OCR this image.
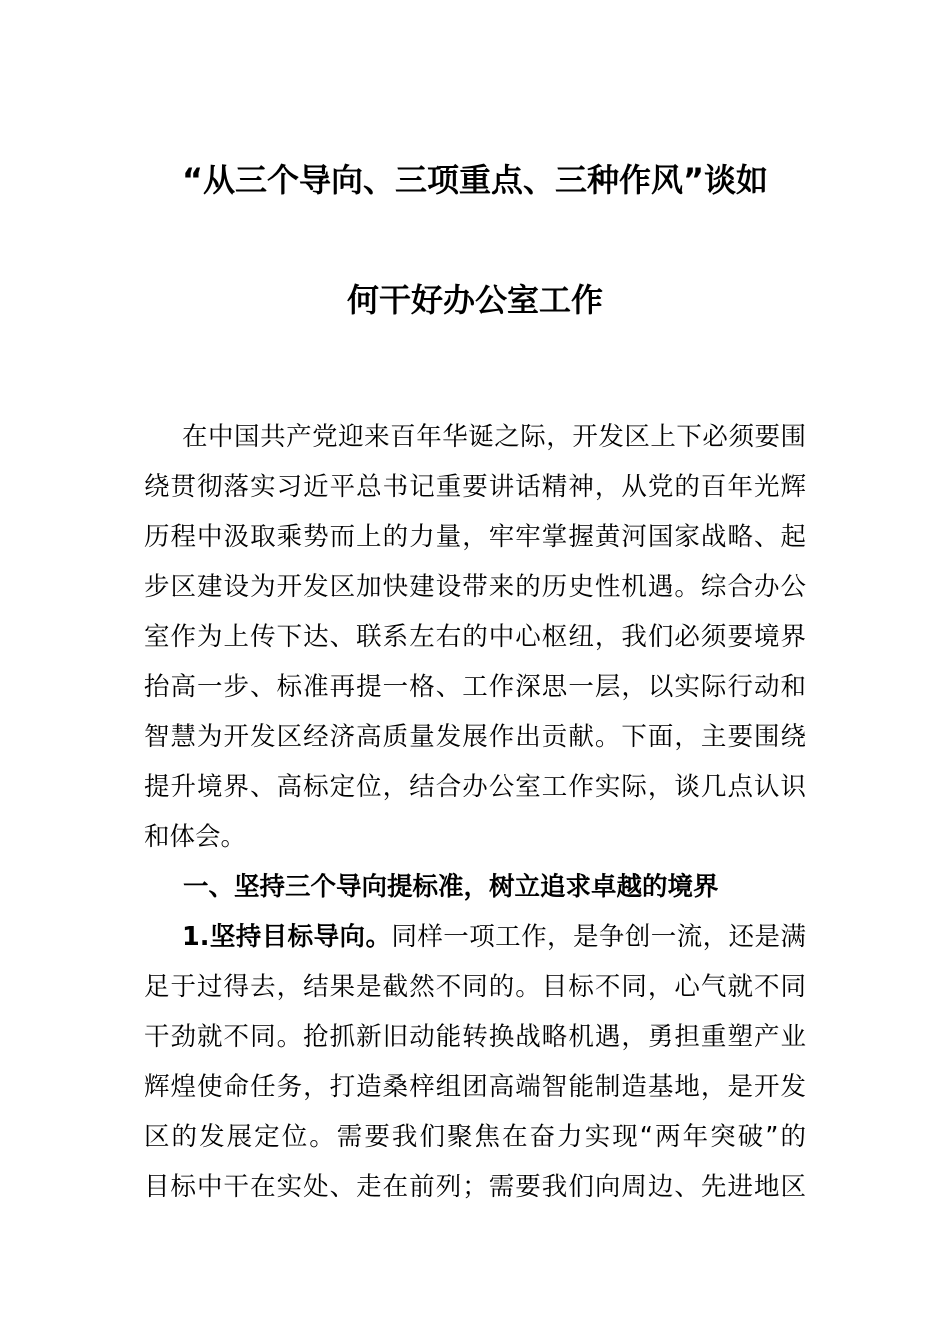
“从三个导向、三项重点、三种作风”谈如
何干好办公室工作
在中国共产党迎来百年华诞之际，开发区上下必须要围
绕贯彻落实习近平总书记重要讲话精神，从党的百年光辉
历程中汲取乘势而上的力量，牢牢掌握黄河国家战略、起
步区建设为开发区加快建设带来的历史性机遇。综合办公
室作为上传下达、联系左右的中心枢纽，我们必须要境界
抬高一步、标准再提一格、工作深思一层，以实际行动和
智慧为开发区经济高质量发展作出贡献。下面，主要围绕
提升境界、高标定位，结合办公室工作实际，谈几点认识
和体会。
一、坚持三个导向提标准，树立追求卓越的境界
1.坚持目标导向。同样一项工作，是争创一流，还是满
足于过得去，结果是截然不同的。目标不同，心气就不同
干劲就不同。抢抓新旧动能转换战略机遇，勇担重塑产业
辉煌使命任务，打造桑梓组团高端智能制造基地，是开发
区的发展定位。需要我们聚焦在奋力实现“两年突破”的
目标中干在实处、走在前列；需要我们向周边、先进地区
